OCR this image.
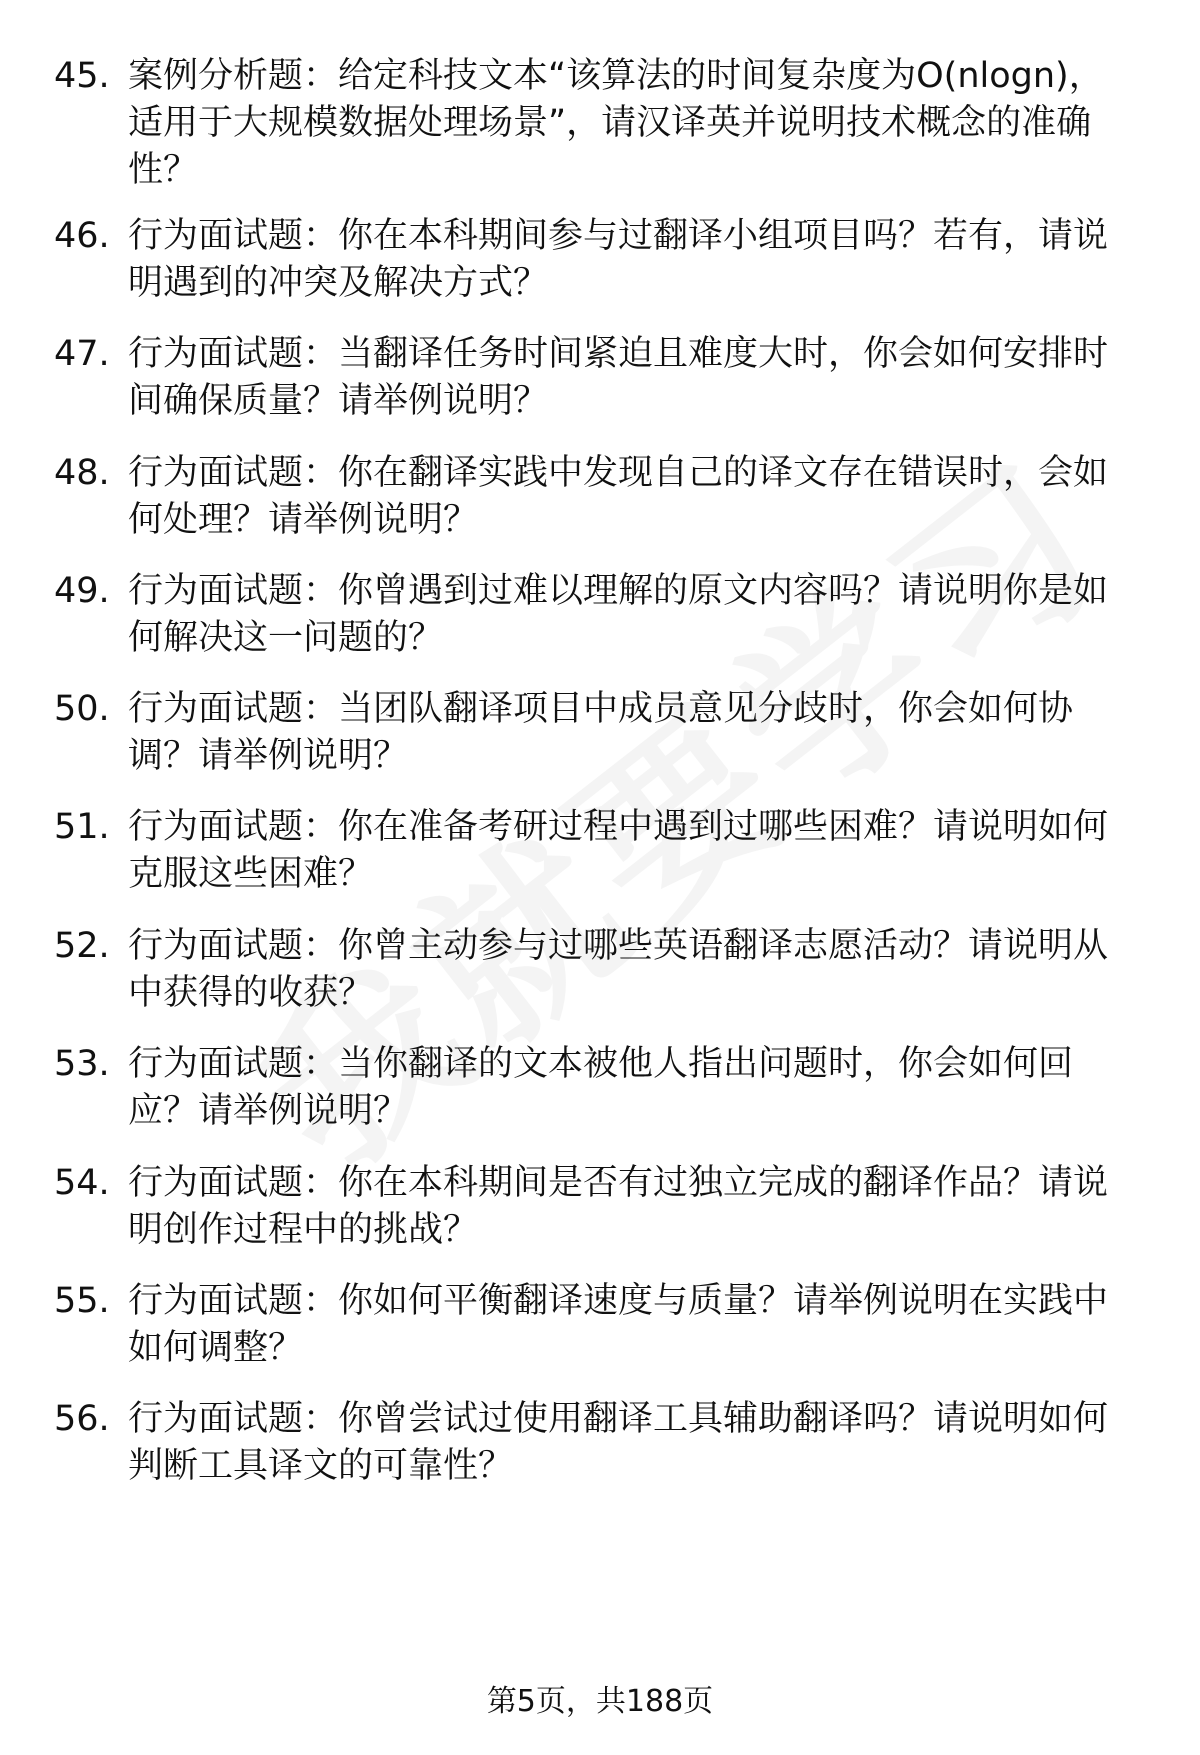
45. 案例分析题：给定科技文本“该算法的时间复杂度为O(nlogn)，适用于大规模数据处理场景”，请汉译英并说明技术概念的准确性？
46. 行为面试题：你在本科期间参与过翻译小组项目吗？若有，请说明遇到的冲突及解决方式？
47. 行为面试题：当翻译任务时间紧迫且难度大时，你会如何安排时间确保质量？请举例说明？
48. 行为面试题：你在翻译实践中发现自己的译文存在错误时，会如何处理？请举例说明？
49. 行为面试题：你曾遇到过难以理解的原文内容吗？请说明你是如何解决这一问题的？
50. 行为面试题：当团队翻译项目中成员意见分歧时，你会如何协调？请举例说明？
51. 行为面试题：你在准备考研过程中遇到过哪些困难？请说明如何克服这些困难？
52. 行为面试题：你曾主动参与过哪些英语翻译志愿活动？请说明从中获得的收获？
53. 行为面试题：当你翻译的文本被他人指出问题时，你会如何回应？请举例说明？
54. 行为面试题：你在本科期间是否有过独立完成的翻译作品？请说明创作过程中的挑战？
55. 行为面试题：你如何平衡翻译速度与质量？请举例说明在实践中如何调整？
56. 行为面试题：你曾尝试过使用翻译工具辅助翻译吗？请说明如何判断工具译文的可靠性？
第5页，共188页
